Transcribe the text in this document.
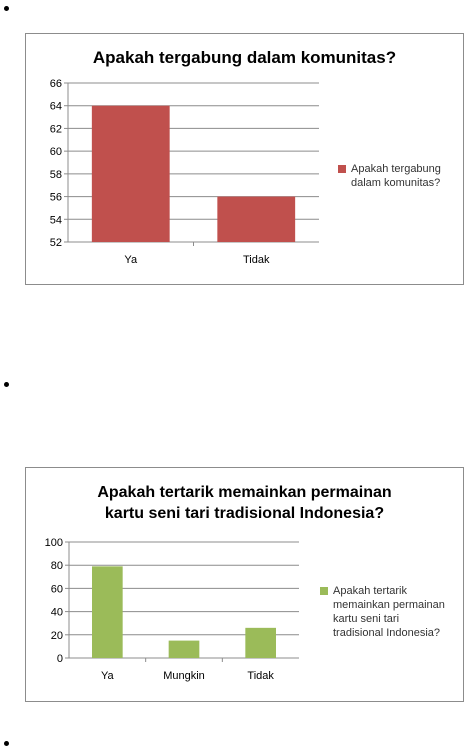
Apakah tergabung dalam komunitas?
52
54
56
58
60
62
64
66
Ya	Tidak
Apakah tergabung
dalam komunitas?
Apakah tertarik memainkan permainan
kartu seni tari tradisional Indonesia?
0
20
40
60
80
100
Ya	Mungkin	Tidak
Apakah tertarik
memainkan permainan
kartu seni tari
tradisional Indonesia?
